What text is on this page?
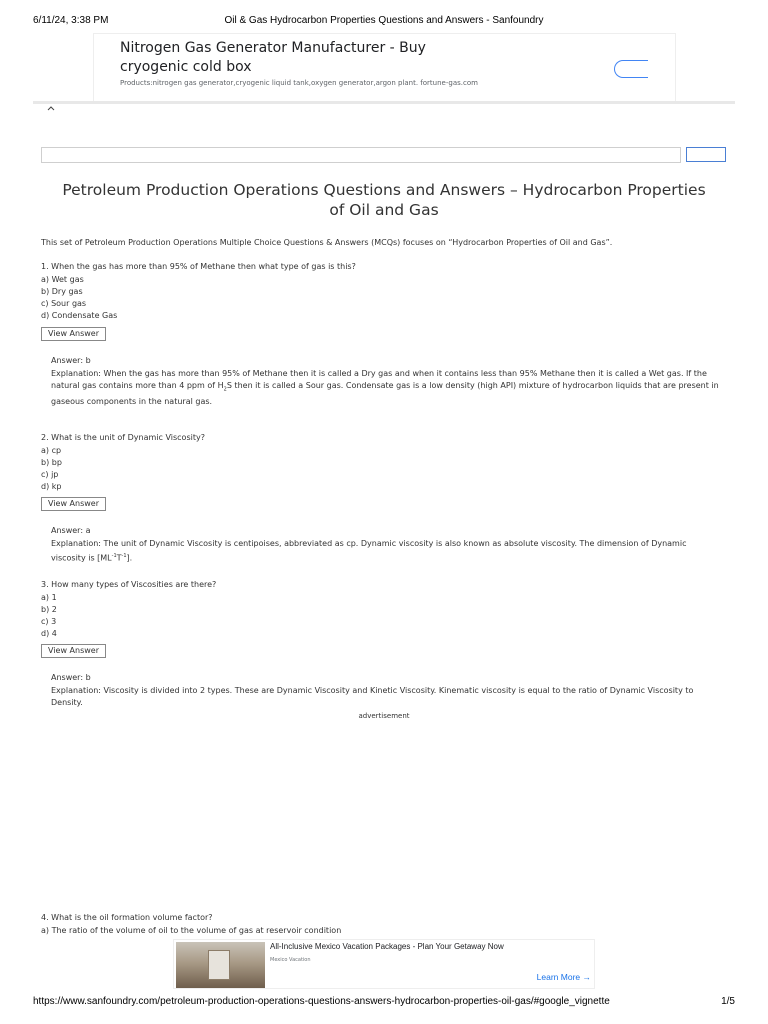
6/11/24, 3:38 PM	Oil & Gas Hydrocarbon Properties Questions and Answers - Sanfoundry
Nitrogen Gas Generator Manufacturer - Buy cryogenic cold box
Products:nitrogen gas generator,cryogenic liquid tank,oxygen generator,argon plant. fortune-gas.com
Petroleum Production Operations Questions and Answers – Hydrocarbon Properties of Oil and Gas

This set of Petroleum Production Operations Multiple Choice Questions & Answers (MCQs) focuses on “Hydrocarbon Properties of Oil and Gas”.

1. When the gas has more than 95% of Methane then what type of gas is this?
a) Wet gas
b) Dry gas
c) Sour gas
d) Condensate Gas
View Answer
Answer: b
Explanation: When the gas has more than 95% of Methane then it is called a Dry gas and when it contains less than 95% Methane then it is called a Wet gas. If the natural gas contains more than 4 ppm of $H_2S$ then it is called a Sour gas. Condensate gas is a low density (high API) mixture of hydrocarbon liquids that are present in gaseous components in the natural gas.
2. What is the unit of Dynamic Viscosity?
a) cp
b) bp
c) jp
d) kp
View Answer
Answer: a
Explanation: The unit of Dynamic Viscosity is centipoises, abbreviated as cp. Dynamic viscosity is also known as absolute viscosity. The dimension of Dynamic viscosity is $[ML^{-1}T^{-1}]$.
3. How many types of Viscosities are there?
a) 1
b) 2
c) 3
d) 4
View Answer
Answer: b
Explanation: Viscosity is divided into 2 types. These are Dynamic Viscosity and Kinetic Viscosity. Kinematic viscosity is equal to the ratio of Dynamic Viscosity to Density.
advertisement
4. What is the oil formation volume factor?
a) The ratio of the volume of oil to the volume of gas at reservoir condition
All-Inclusive Mexico Vacation Packages - Plan Your Getaway Now
Mexico Vacation
Learn More →
https://www.sanfoundry.com/petroleum-production-operations-questions-answers-hydrocarbon-properties-oil-gas/#google_vignette	1/5
